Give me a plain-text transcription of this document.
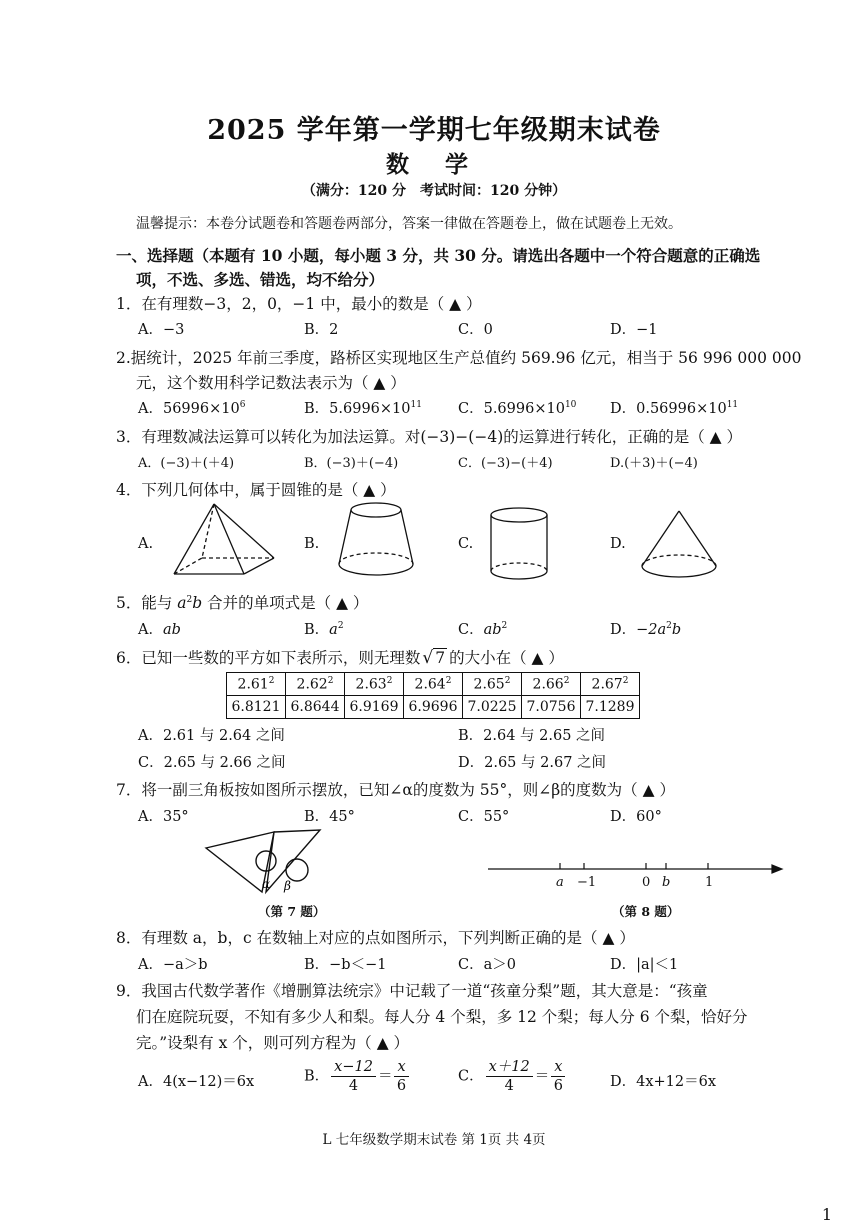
2025 学年第一学期七年级期末试卷
数 学
（满分：120 分　考试时间：120 分钟）
温馨提示：本卷分试题卷和答题卷两部分，答案一律做在答题卷上，做在试题卷上无效。
一、选择题（本题有 10 小题，每小题 3 分，共 30 分。请选出各题中一个符合题意的正确选
项，不选、多选、错选，均不给分）
1．在有理数−3，2，0，−1 中，最小的数是（ ▲ ）
A．−3	B．2	C．0	D．−1
2.据统计，2025 年前三季度，路桥区实现地区生产总值约 569.96 亿元，相当于 56 996 000 000
元，这个数用科学记数法表示为（ ▲ ）
A．$56996\times 10^6$	B．$5.6996\times 10^{11}$ C．$5.6996\times 10^{10}$ D．$0.56996\times 10^{11}$
3．有理数减法运算可以转化为加法运算。对(−3)−(−4)的运算进行转化，正确的是（ ▲ ）
A．(−3)＋(＋4)	B．(−3)＋(−4)	C．(−3)−(＋4)	D.(＋3)＋(−4)
4．下列几何体中，属于圆锥的是（ ▲ ）
A.	B.	C.	D.
5．能与 $a^2b$ 合并的单项式是（ ▲ ）
A．ab	B．$a^2$	C．$ab^2$	D．$-2a^2b$
6．已知一些数的平方如下表所示，则无理数 √ 7 的大小在（ ▲ ）
2.61$^2$	2.62$^2$	2.63$^2$	2.64$^2$	2.65$^2$	2.66$^2$	2.67$^2$
6.8121	6.8644	6.9169	6.9696	7.0225	7.0756	7.1289
A．2.61 与 2.64 之间	B．2.64 与 2.65 之间
C．2.65 与 2.66 之间	D．2.65 与 2.67 之间
7．将一副三角板按如图所示摆放，已知∠α的度数为 55°，则∠β的度数为（ ▲ ）
A．35°	B．45°	C．55°	D．60°
α β
（第 7 题）
a −1	0 b	1
（第 8 题）
8．有理数 a，b，c 在数轴上对应的点如图所示，下列判断正确的是（ ▲ ）
A．−a＞b	B．−b＜−1	C．a＞0	D．|a|＜1
9．我国古代数学著作《增删算法统宗》中记载了一道“孩童分梨”题，其大意是：“孩童
们在庭院玩耍，不知有多少人和梨。每人分 4 个梨，多 12 个梨；每人分 6 个梨，恰好分
完。”设梨有 x 个，则可列方程为（ ▲ ）
A．4(x−12)＝6x	B． $\frac{x-12}{4} = \frac{x}{6}$	C． $\frac{x+12}{4} = \frac{x}{6}$	D．4x+12＝6x
L 七年级数学期末试卷 第 1页 共 4页
1
